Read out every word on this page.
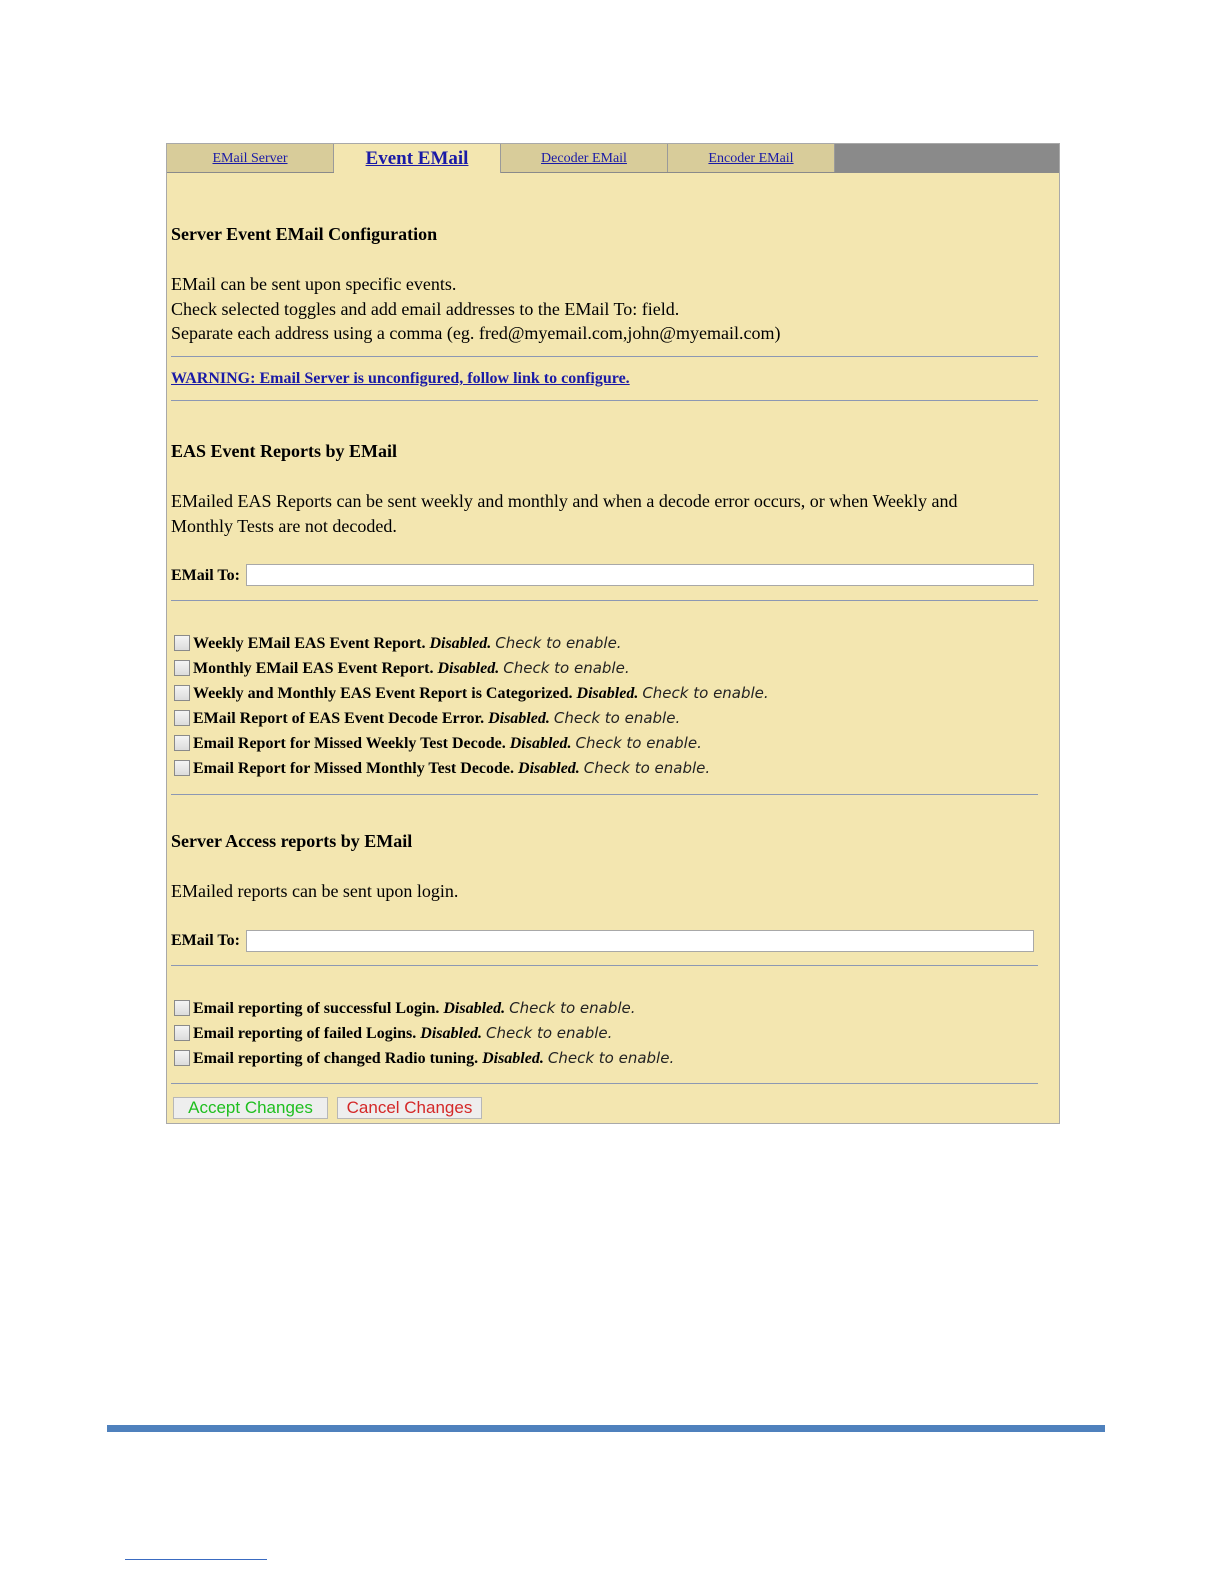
EMail Server	Event EMail	Decoder EMail	Encoder EMail
Server Event EMail Configuration
EMail can be sent upon specific events.
Check selected toggles and add email addresses to the EMail To: field.
Separate each address using a comma (eg. fred@myemail.com,john@myemail.com)
WARNING: Email Server is unconfigured, follow link to configure.
EAS Event Reports by EMail
EMailed EAS Reports can be sent weekly and monthly and when a decode error occurs, or when Weekly and
Monthly Tests are not decoded.
EMail To:
Weekly EMail EAS Event Report. Disabled. Check to enable.
Monthly EMail EAS Event Report. Disabled. Check to enable.
Weekly and Monthly EAS Event Report is Categorized. Disabled. Check to enable.
EMail Report of EAS Event Decode Error. Disabled. Check to enable.
Email Report for Missed Weekly Test Decode. Disabled. Check to enable.
Email Report for Missed Monthly Test Decode. Disabled. Check to enable.
Server Access reports by EMail
EMailed reports can be sent upon login.
EMail To:
Email reporting of successful Login. Disabled. Check to enable.
Email reporting of failed Logins. Disabled. Check to enable.
Email reporting of changed Radio tuning. Disabled. Check to enable.
Accept Changes	Cancel Changes
